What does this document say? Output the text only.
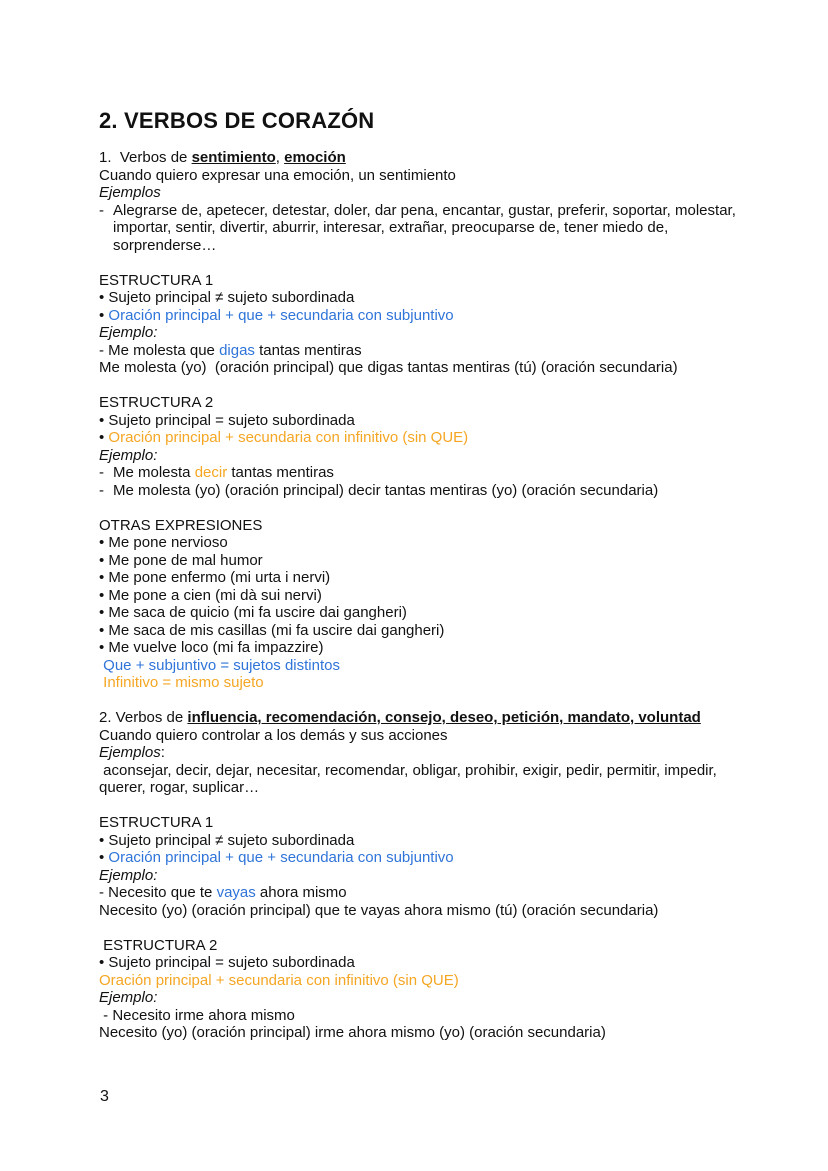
2. VERBOS DE CORAZÓN
1.  Verbos de sentimiento, emoción
Cuando quiero expresar una emoción, un sentimiento
Ejemplos
- Alegrarse de, apetecer, detestar, doler, dar pena, encantar, gustar, preferir, soportar, molestar, importar, sentir, divertir, aburrir, interesar, extrañar, preocuparse de, tener miedo de, sorprenderse…
ESTRUCTURA 1
• Sujeto principal ≠ sujeto subordinada
• Oración principal + que + secundaria con subjuntivo
Ejemplo:
- Me molesta que digas tantas mentiras
Me molesta (yo)  (oración principal) que digas tantas mentiras (tú) (oración secundaria)
ESTRUCTURA 2
• Sujeto principal = sujeto subordinada
• Oración principal + secundaria con infinitivo (sin QUE)
Ejemplo:
- Me molesta decir tantas mentiras
- Me molesta (yo) (oración principal) decir tantas mentiras (yo) (oración secundaria)
OTRAS EXPRESIONES
• Me pone nervioso
• Me pone de mal humor
• Me pone enfermo (mi urta i nervi)
• Me pone a cien (mi dà sui nervi)
• Me saca de quicio (mi fa uscire dai gangheri)
• Me saca de mis casillas (mi fa uscire dai gangheri)
• Me vuelve loco (mi fa impazzire)
Que + subjuntivo = sujetos distintos
Infinitivo = mismo sujeto
2. Verbos de influencia, recomendación, consejo, deseo, petición, mandato, voluntad
Cuando quiero controlar a los demás y sus acciones
Ejemplos:
aconsejar, decir, dejar, necesitar, recomendar, obligar, prohibir, exigir, pedir, permitir, impedir, querer, rogar, suplicar…
ESTRUCTURA 1
• Sujeto principal ≠ sujeto subordinada
• Oración principal + que + secundaria con subjuntivo
Ejemplo:
- Necesito que te vayas ahora mismo
Necesito (yo) (oración principal) que te vayas ahora mismo (tú) (oración secundaria)
ESTRUCTURA 2
• Sujeto principal = sujeto subordinada
Oración principal + secundaria con infinitivo (sin QUE)
Ejemplo:
- Necesito irme ahora mismo
Necesito (yo) (oración principal) irme ahora mismo (yo) (oración secundaria)
3
